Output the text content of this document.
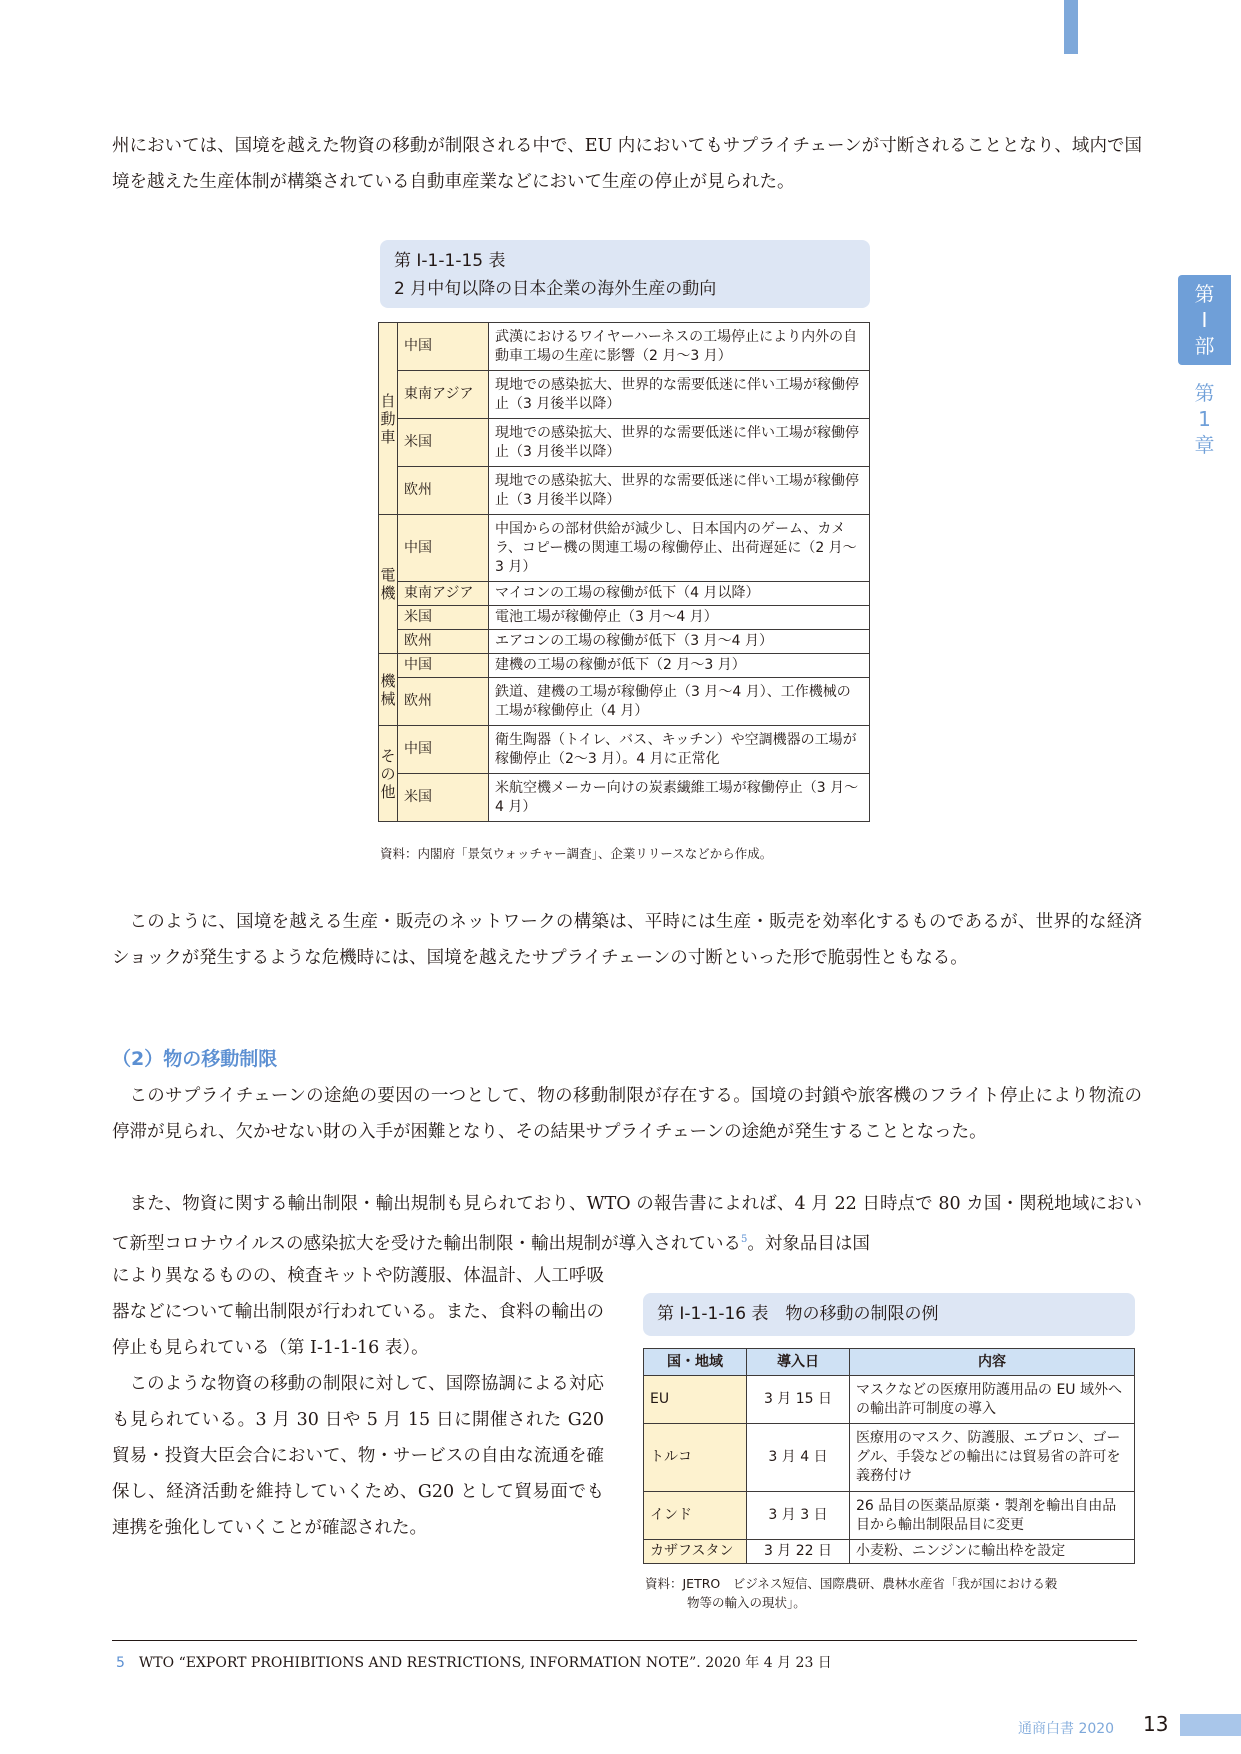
第
I
部
第
1
章

州においては、国境を越えた物資の移動が制限される中で、EU 内においてもサプライチェーンが寸断されることとなり、域内で国境を越えた生産体制が構築されている自動車産業などにおいて生産の停止が見られた。

第 I-1-1-15 表
2 月中旬以降の日本企業の海外生産の動向
自動車	中国	武漢におけるワイヤーハーネスの工場停止により内外の自動車工場の生産に影響（2 月〜3 月）
	東南アジア	現地での感染拡大、世界的な需要低迷に伴い工場が稼働停止（3 月後半以降）
	米国	現地での感染拡大、世界的な需要低迷に伴い工場が稼働停止（3 月後半以降）
	欧州	現地での感染拡大、世界的な需要低迷に伴い工場が稼働停止（3 月後半以降）

電機	中国	中国からの部材供給が減少し、日本国内のゲーム、カメラ、コピー機の関連工場の稼働停止、出荷遅延に（2 月〜3 月）
	東南アジア	マイコンの工場の稼働が低下（4 月以降）
	米国	電池工場が稼働停止（3 月〜4 月）
	欧州	エアコンの工場の稼働が低下（3 月〜4 月）

機械	中国	建機の工場の稼働が低下（2 月〜3 月）
	欧州	鉄道、建機の工場が稼働停止（3 月〜4 月）、工作機械の工場が稼働停止（4 月）

その他	中国	衛生陶器（トイレ、バス、キッチン）や空調機器の工場が稼働停止（2〜3 月）。4 月に正常化
	米国	米航空機メーカー向けの炭素繊維工場が稼働停止（3 月〜4 月）
資料：内閣府「景気ウォッチャー調査」、企業リリースなどから作成。

このように、国境を越える生産・販売のネットワークの構築は、平時には生産・販売を効率化するものであるが、世界的な経済ショックが発生するような危機時には、国境を越えたサプライチェーンの寸断といった形で脆弱性ともなる。

（2）物の移動制限

このサプライチェーンの途絶の要因の一つとして、物の移動制限が存在する。国境の封鎖や旅客機のフライト停止により物流の停滞が見られ、欠かせない財の入手が困難となり、その結果サプライチェーンの途絶が発生することとなった。

また、物資に関する輸出制限・輸出規制も見られており、WTO の報告書によれば、4 月 22 日時点で 80 カ国・関税地域において新型コロナウイルスの感染拡大を受けた輸出制限・輸出規制が導入されている$^5$。対象品目は国

により異なるものの、検査キットや防護服、体温計、人工呼吸器などについて輸出制限が行われている。また、食料の輸出の停止も見られている（第 I-1-1-16 表）。

このような物資の移動の制限に対して、国際協調による対応も見られている。3 月 30 日や 5 月 15 日に開催された G20 貿易・投資大臣会合において、物・サービスの自由な流通を確保し、経済活動を維持していくため、G20 として貿易面でも連携を強化していくことが確認された。

第 I-1-1-16 表　物の移動の制限の例
国・地域	導入日	内容
EU	3 月 15 日	マスクなどの医療用防護用品の EU 域外への輸出許可制度の導入
トルコ	3 月 4 日	医療用のマスク、防護服、エプロン、ゴーグル、手袋などの輸出には貿易省の許可を義務付け
インド	3 月 3 日	26 品目の医薬品原薬・製剤を輸出自由品目から輸出制限品目に変更
カザフスタン	3 月 22 日	小麦粉、ニンジンに輸出枠を設定
資料：JETRO　ビジネス短信、国際農研、農林水産省「我が国における穀
物等の輸入の現状」。
5 WTO “EXPORT PROHIBITIONS AND RESTRICTIONS, INFORMATION NOTE”. 2020 年 4 月 23 日
通商白書 2020 13
